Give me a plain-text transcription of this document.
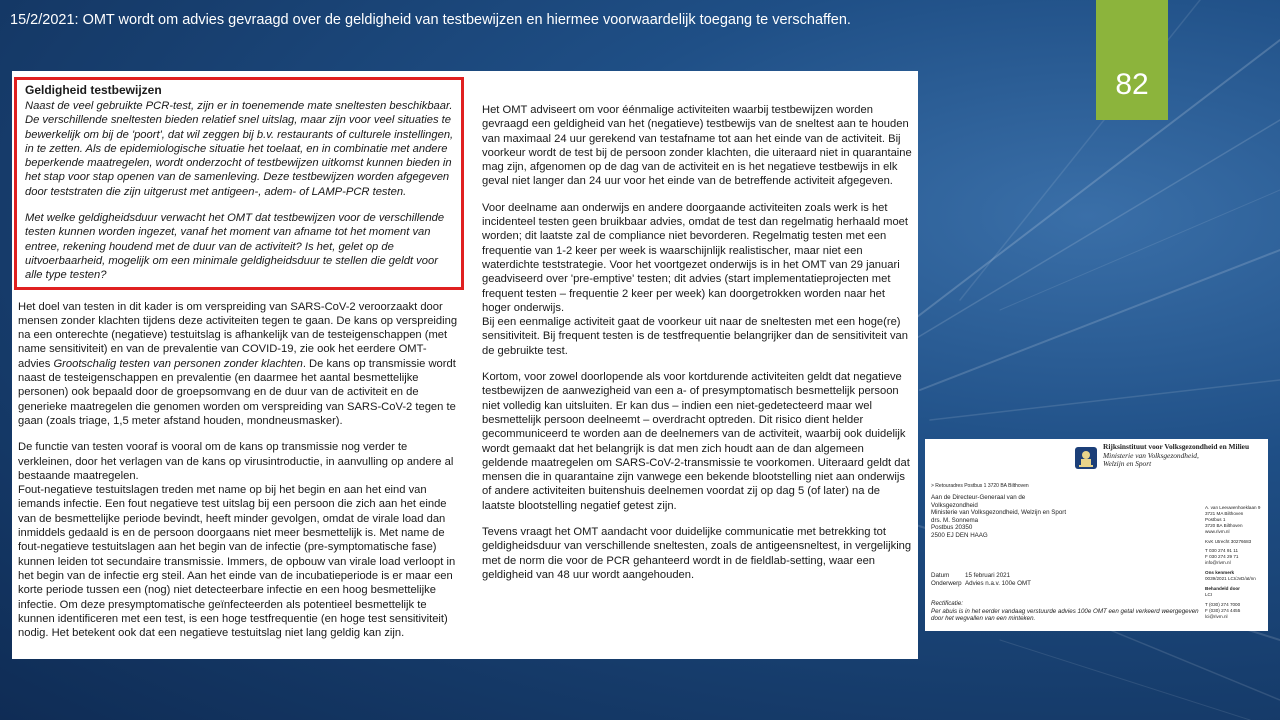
15/2/2021: OMT wordt om advies gevraagd over de geldigheid van testbewijzen en hiermee voorwaardelijk toegang te verschaffen.
82
Geldigheid testbewijzen

Naast de veel gebruikte PCR-test, zijn er in toenemende mate sneltesten beschikbaar. De verschillende sneltesten bieden relatief snel uitslag, maar zijn voor veel situaties te bewerkelijk om bij de 'poort', dat wil zeggen bij b.v. restaurants of culturele instellingen, in te zetten. Als de epidemiologische situatie het toelaat, en in combinatie met andere beperkende maatregelen, wordt onderzocht of testbewijzen uitkomst kunnen bieden in het stap voor stap openen van de samenleving. Deze testbewijzen worden afgegeven door teststraten die zijn uitgerust met antigeen-, adem- of LAMP-PCR testen.

Met welke geldigheidsduur verwacht het OMT dat testbewijzen voor de verschillende testen kunnen worden ingezet, vanaf het moment van afname tot het moment van entree, rekening houdend met de duur van de activiteit? Is het, gelet op de uitvoerbaarheid, mogelijk om een minimale geldigheidsduur te stellen die geldt voor alle type testen?

Het doel van testen in dit kader is om verspreiding van SARS-CoV-2 veroorzaakt door mensen zonder klachten tijdens deze activiteiten tegen te gaan. De kans op verspreiding na een onterechte (negatieve) testuitslag is afhankelijk van de testeigenschappen (met name sensitiviteit) en van de prevalentie van COVID-19, zie ook het eerdere OMT-advies Grootschalig testen van personen zonder klachten. De kans op transmissie wordt naast de testeigenschappen en prevalentie (en daarmee het aantal besmettelijke personen) ook bepaald door de groepsomvang en de duur van de activiteit en de generieke maatregelen die genomen worden om verspreiding van SARS-CoV-2 tegen te gaan (zoals triage, 1,5 meter afstand houden, mondneusmasker).

De functie van testen vooraf is vooral om de kans op transmissie nog verder te verkleinen, door het verlagen van de kans op virusintroductie, in aanvulling op andere al bestaande maatregelen.

Fout-negatieve testuitslagen treden met name op bij het begin en aan het eind van iemands infectie. Een fout negatieve test uitslag bij een persoon die zich aan het einde van de besmettelijke periode bevindt, heeft minder gevolgen, omdat de virale load dan inmiddels gedaald is en de persoon doorgaans niet meer besmettelijk is. Met name de fout-negatieve testuitslagen aan het begin van de infectie (pre-symptomatische fase) kunnen leiden tot secundaire transmissie. Immers, de opbouw van virale load verloopt in het begin van de infectie erg steil. Aan het einde van de incubatieperiode is er maar een korte periode tussen een (nog) niet detecteerbare infectie en een hoog besmettelijke infectie. Om deze presymptomatische geïnfecteerden als potentieel besmettelijk te kunnen identificeren met een test, is een hoge testfrequentie (en hoge test sensitiviteit) nodig. Het betekent ook dat een negatieve testuitslag niet lang geldig kan zijn.

Het OMT adviseert om voor éénmalige activiteiten waarbij testbewijzen worden gevraagd een geldigheid van het (negatieve) testbewijs van de sneltest aan te houden van maximaal 24 uur gerekend van testafname tot aan het einde van de activiteit. Bij voorkeur wordt de test bij de persoon zonder klachten, die uiteraard niet in quarantaine mag zijn, afgenomen op de dag van de activiteit en is het negatieve testbewijs in elk geval niet langer dan 24 uur voor het einde van de betreffende activiteit afgegeven.

Voor deelname aan onderwijs en andere doorgaande activiteiten zoals werk is het incidenteel testen geen bruikbaar advies, omdat de test dan regelmatig herhaald moet worden; dit laatste zal de compliance niet bevorderen. Regelmatig testen met een frequentie van 1-2 keer per week is waarschijnlijk realistischer, maar niet een waterdichte teststrategie. Voor het voortgezet onderwijs is in het OMT van 29 januari geadviseerd over 'pre-emptive' testen; dit advies (start implementatieprojecten met frequent testen – frequentie 2 keer per week) kan doorgetrokken worden naar het hoger onderwijs.

Bij een eenmalige activiteit gaat de voorkeur uit naar de sneltesten met een hoge(re) sensitiviteit. Bij frequent testen is de testfrequentie belangrijker dan de sensitiviteit van de gebruikte test.

Kortom, voor zowel doorlopende als voor kortdurende activiteiten geldt dat negatieve testbewijzen de aanwezigheid van een a- of presymptomatisch besmettelijk persoon niet volledig kan uitsluiten. Er kan dus – indien een niet-gedetecteerd maar wel besmettelijk persoon deelneemt – overdracht optreden. Dit risico dient helder gecommuniceerd te worden aan de deelnemers van de activiteit, waarbij ook duidelijk wordt gemaakt dat het belangrijk is dat men zich houdt aan de dan algemeen geldende maatregelen om SARS-CoV-2-transmissie te voorkomen. Uiteraard geldt dat mensen die in quarantaine zijn vanwege een bekende blootstelling niet aan onderwijs of andere activiteiten buitenshuis deelnemen voordat zij op dag 5 (of later) na de laatste blootstelling negatief getest zijn.

Tevens vraagt het OMT aandacht voor duidelijke communicatie met betrekking tot geldigheidsduur van verschillende sneltesten, zoals de antigeensneltest, in vergelijking met de norm die voor de PCR gehanteerd wordt in de fieldlab-setting, waar een geldigheid van 48 uur wordt aangehouden.

Rijksinstituut voor Volksgezondheid en Milieu
Ministerie van Volksgezondheid,
Welzijn en Sport
> Retouradres Postbus 1 3720 BA Bilthoven
Aan de Directeur-Generaal van de
Volksgezondheid
Ministerie van Volksgezondheid, Welzijn en Sport
drs. M. Sonnema
Postbus 20350
2500 EJ DEN HAAG
A. van Leeuwenhoeklaan 9
3721 MA Bilthoven
Postbus 1
3720 BA Bilthoven
www.rivm.nl
KvK Utrecht 30276683
T 030 274 91 11
F 030 274 29 71
info@rivm.nl
Ons kenmerk
0039/2021 LCI/JvD/at/nn
Behandeld door
LCI
T (030) 274 7000
F (030) 274 4455
lci@rivm.nl
Datum	15 februari 2021
Onderwerp Advies n.a.v. 100e OMT
Rectificatie:
Per abuis is in het eerder vandaag verstuurde advies 100e OMT een getal verkeerd weergegeven door het wegvallen van een minteken.
